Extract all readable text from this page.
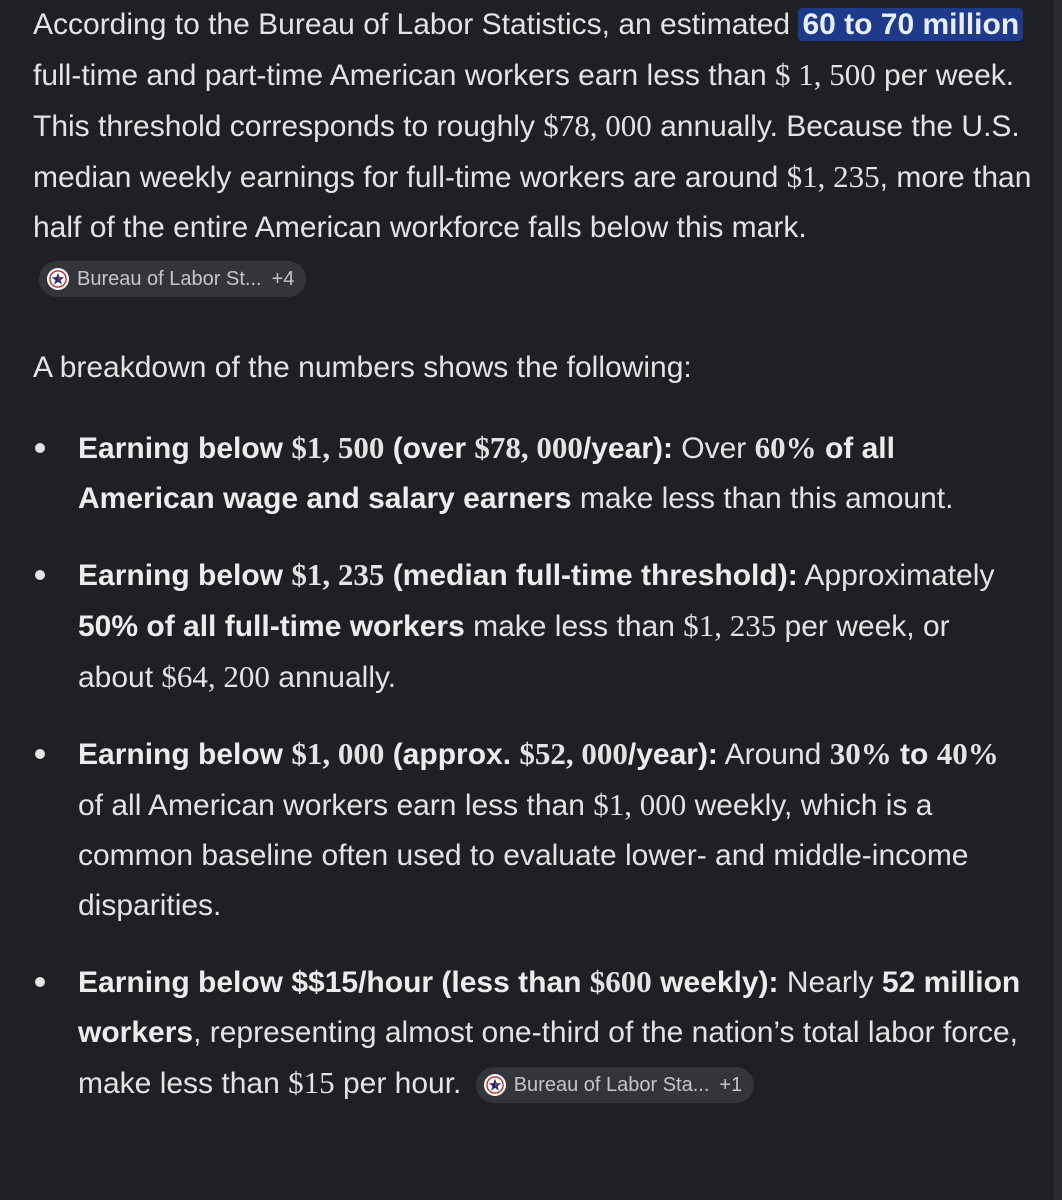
According to the Bureau of Labor Statistics, an estimated 60 to 70 million full-time and part-time American workers earn less than $ 1, 500 per week. This threshold corresponds to roughly $78, 000 annually. Because the U.S. median weekly earnings for full-time workers are around $1, 235, more than half of the entire American workforce falls below this mark.
Bureau of Labor St... +4

A breakdown of the numbers shows the following:

Earning below $1, 500 (over $78, 000/year): Over 60% of all American wage and salary earners make less than this amount.
Earning below $1, 235 (median full-time threshold): Approximately 50% of all full-time workers make less than $1, 235 per week, or about $64, 200 annually.
Earning below $1, 000 (approx. $52, 000/year): Around 30% to 40% of all American workers earn less than $1, 000 weekly, which is a common baseline often used to evaluate lower- and middle-income disparities.
Earning below $$15/hour (less than $600 weekly): Nearly 52 million workers, representing almost one-third of the nation’s total labor force, make less than $15 per hour.	Bureau of Labor Sta... +1
